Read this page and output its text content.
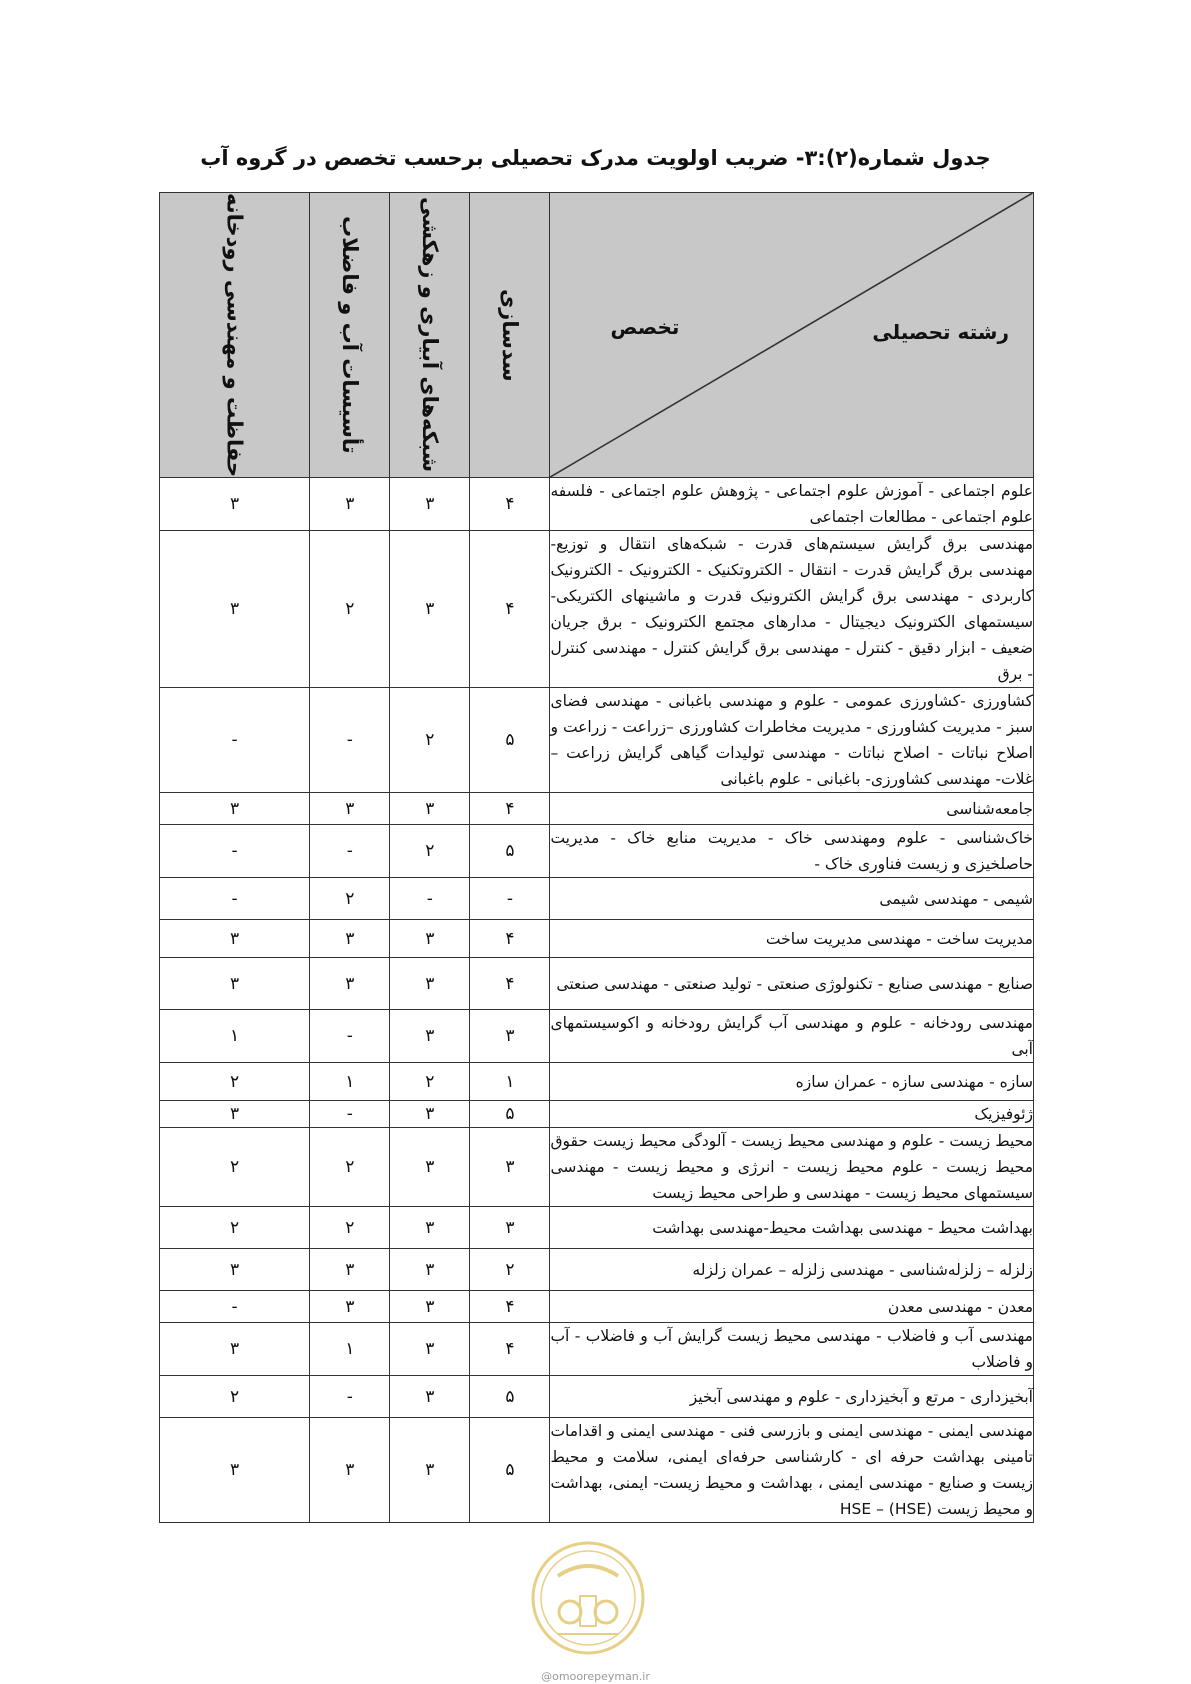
جدول شماره(۲):۳- ضریب اولویت مدرک تحصیلی برحسب تخصص در گروه آب
رشته تحصیلی
تخصص	سدسازی	شبکه‌های آبیاری و زهکشی	تأسیسات آب و فاضلاب	حفاظت و مهندسی رودخانه

علوم اجتماعی - آموزش علوم اجتماعی - پژوهش علوم اجتماعی - فلسفه علوم اجتماعی - مطالعات اجتماعی	۴	۳	۳	۳
مهندسی برق گرایش سیستم‌های قدرت - شبکه‌های انتقال و توزیع- مهندسی برق گرایش قدرت - انتقال - الکتروتکنیک - الکترونیک - الکترونیک کاربردی - مهندسی برق گرایش الکترونیک قدرت و ماشینهای الکتریکی- سیستمهای الکترونیک دیجیتال - مدارهای مجتمع الکترونیک - برق جریان ضعیف - ابزار دقیق - کنترل - مهندسی برق گرایش کنترل - مهندسی کنترل - برق	۴	۳	۲	۳
کشاورزی -کشاورزی عمومی - علوم و مهندسی باغبانی - مهندسی فضای سبز - مدیریت کشاورزی - مدیریت مخاطرات کشاورزی –زراعت - زراعت و اصلاح نباتات - اصلاح نباتات - مهندسی تولیدات گیاهی گرایش زراعت – غلات- مهندسی کشاورزی- باغبانی - علوم باغبانی	۵	۲	-	-
جامعه‌شناسی	۴	۳	۳	۳
خاک‌شناسی - علوم ومهندسی خاک - مدیریت منابع خاک - مدیریت حاصلخیزی و زیست فناوری خاک -	۵	۲	-	-
شیمی - مهندسی شیمی	-	-	۲	-
مدیریت ساخت - مهندسی مدیریت ساخت	۴	۳	۳	۳
صنایع - مهندسی صنایع - تکنولوژی صنعتی - تولید صنعتی - مهندسی صنعتی	۴	۳	۳	۳
مهندسی رودخانه - علوم و مهندسی آب گرایش رودخانه و اکوسیستمهای آبی	۳	۳	-	۱
سازه - مهندسی سازه - عمران سازه	۱	۲	۱	۲
ژئوفیزیک	۵	۳	-	۳
محیط زیست - علوم و مهندسی محیط زیست - آلودگی محیط زیست حقوق محیط زیست - علوم محیط زیست - انرژی و محیط زیست - مهندسی سیستمهای محیط زیست - مهندسی و طراحی محیط زیست	۳	۳	۲	۲
بهداشت محیط - مهندسی بهداشت محیط-مهندسی بهداشت	۳	۳	۲	۲
زلزله – زلزله‌شناسی - مهندسی زلزله – عمران زلزله	۲	۳	۳	۳
معدن - مهندسی معدن	۴	۳	۳	-
مهندسی آب و فاضلاب - مهندسی محیط زیست گرایش آب و فاضلاب - آب و فاضلاب	۴	۳	۱	۳
آبخیزداری - مرتع و آبخیزداری - علوم و مهندسی آبخیز	۵	۳	-	۲
مهندسی ایمنی - مهندسی ایمنی و بازرسی فنی - مهندسی ایمنی و اقدامات تامینی بهداشت حرفه ای - کارشناسی حرفه‌ای ایمنی، سلامت و محیط زیست و صنایع - مهندسی ایمنی ، بهداشت و محیط زیست- ایمنی، بهداشت و محیط زیست (HSE) – HSE	۵	۳	۳	۳
@omoorepeyman.ir
